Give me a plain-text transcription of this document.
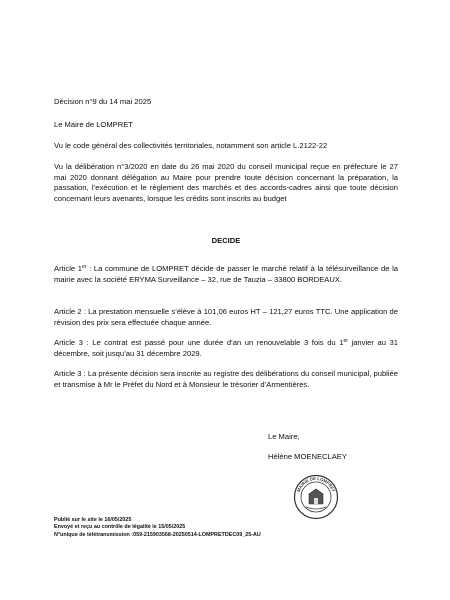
Décision n°9 du 14 mai 2025

Le Maire de LOMPRET

Vu le code général des collectivités territoriales, notamment son article L.2122-22

Vu la délibération n°3/2020 en date du 26 mai 2020 du conseil municipal reçue en préfecture le 27 mai 2020 donnant délégation au Maire pour prendre toute décision concernant la préparation, la passation, l’exécution et le règlement des marchés et des accords-cadres ainsi que toute décision concernant leurs avenants, lorsque les crédits sont inscrits au budget

DECIDE

Article 1er : La commune de LOMPRET décide de passer le marché relatif à la télésurveillance de la mairie avec la société ERYMA Surveillance – 32, rue de Tauzia – 33800 BORDEAUX.

Article 2 : La prestation mensuelle s’élève à 101,06 euros HT – 121,27 euros TTC. Une application de révision des prix sera effectuée chaque année.

Article 3 : Le contrat est passé pour une durée d’an un renouvelable 3 fois du 1er janvier au 31 décembre, soit jusqu’au 31 décembre 2029.

Article 3 : La présente décision sera inscrite au registre des délibérations du conseil municipal, publiée et transmise à Mr le Préfet du Nord et à Monsieur le trésorier d’Armentières.

Le Maire,
Hélène MOENECLAEY
MAIRIE DE LOMPRET
Publié sur le site le 16/05/2025
Envoyé et reçu au contrôle de légalité le 15/05/2025
N°unique de télétransmission :059-215903568-20250514-LOMPRETDEC09_25-AU
